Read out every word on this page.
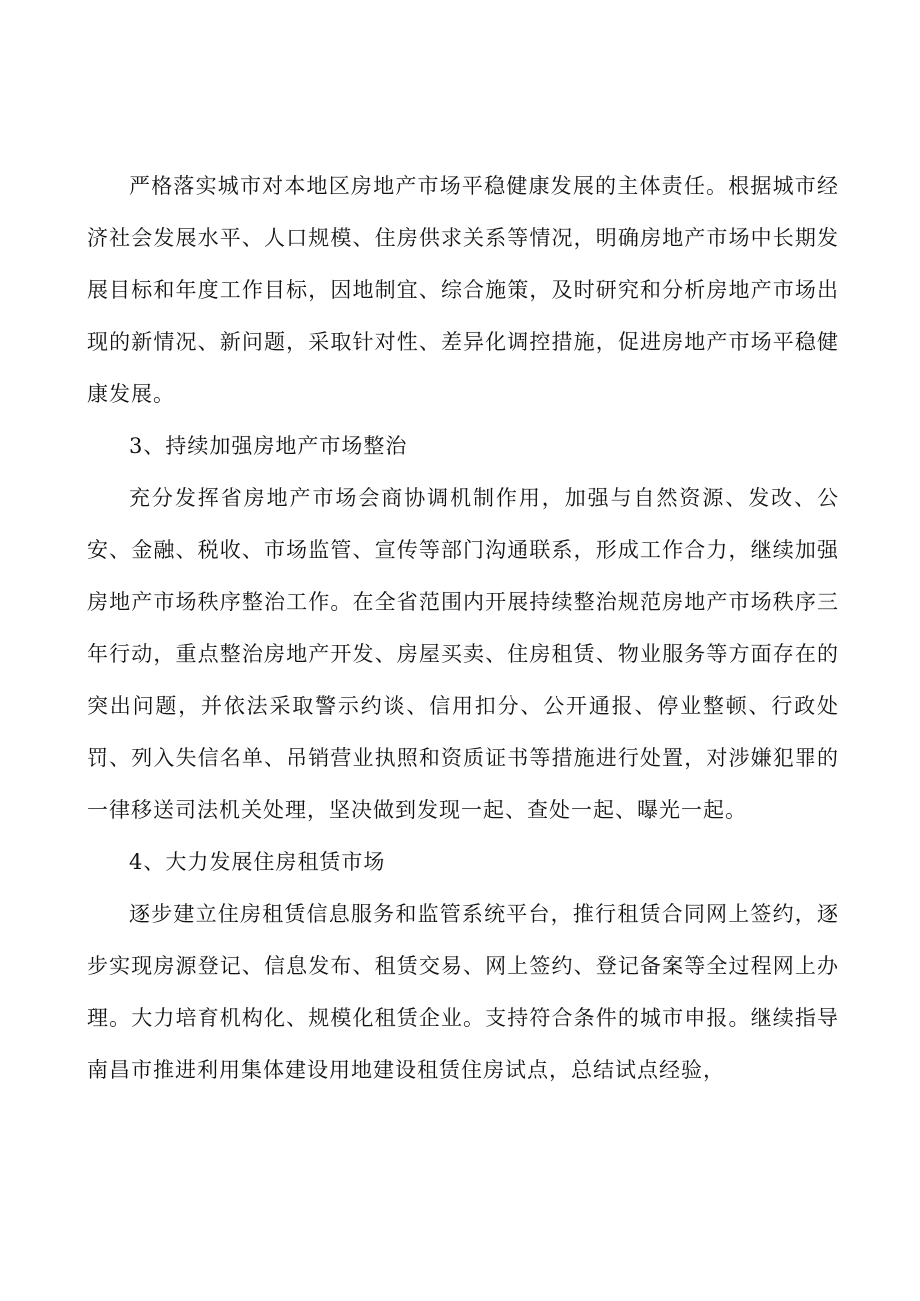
严格落实城市对本地区房地产市场平稳健康发展的主体责任。根据城市经济社会发展水平、人口规模、住房供求关系等情况，明确房地产市场中长期发展目标和年度工作目标，因地制宜、综合施策，及时研究和分析房地产市场出现的新情况、新问题，采取针对性、差异化调控措施，促进房地产市场平稳健康发展。

3、持续加强房地产市场整治

充分发挥省房地产市场会商协调机制作用，加强与自然资源、发改、公安、金融、税收、市场监管、宣传等部门沟通联系，形成工作合力，继续加强房地产市场秩序整治工作。在全省范围内开展持续整治规范房地产市场秩序三年行动，重点整治房地产开发、房屋买卖、住房租赁、物业服务等方面存在的突出问题，并依法采取警示约谈、信用扣分、公开通报、停业整顿、行政处罚、列入失信名单、吊销营业执照和资质证书等措施进行处置，对涉嫌犯罪的一律移送司法机关处理，坚决做到发现一起、查处一起、曝光一起。

4、大力发展住房租赁市场

逐步建立住房租赁信息服务和监管系统平台，推行租赁合同网上签约，逐步实现房源登记、信息发布、租赁交易、网上签约、登记备案等全过程网上办理。大力培育机构化、规模化租赁企业。支持符合条件的城市申报。继续指导南昌市推进利用集体建设用地建设租赁住房试点，总结试点经验，
